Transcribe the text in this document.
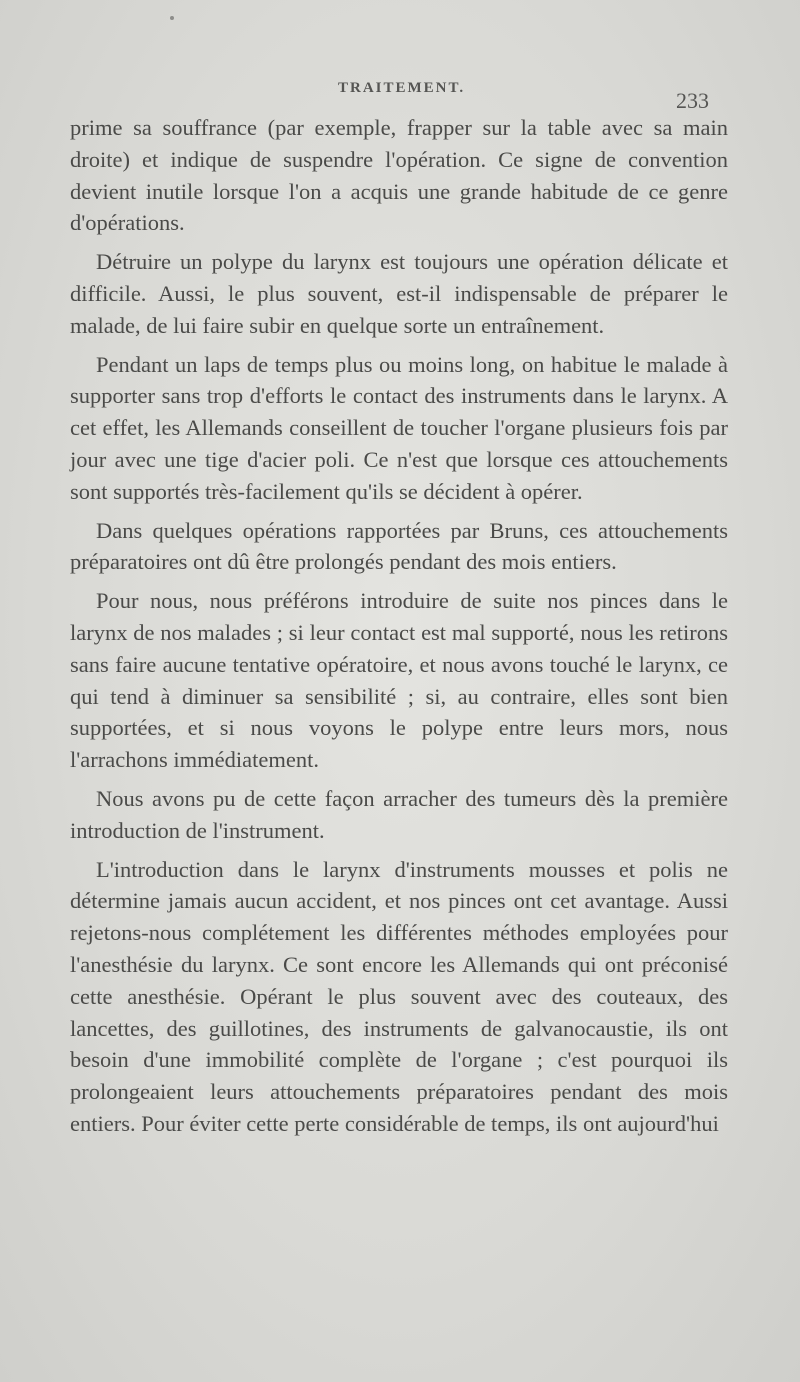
TRAITEMENT.	233

prime sa souffrance (par exemple, frapper sur la table avec sa main droite) et indique de suspendre l'opération. Ce signe de convention devient inutile lorsque l'on a acquis une grande habitude de ce genre d'opérations.

Détruire un polype du larynx est toujours une opération délicate et difficile. Aussi, le plus souvent, est-il indispensable de préparer le malade, de lui faire subir en quelque sorte un entraînement.

Pendant un laps de temps plus ou moins long, on habitue le malade à supporter sans trop d'efforts le contact des instruments dans le larynx. A cet effet, les Allemands conseillent de toucher l'organe plusieurs fois par jour avec une tige d'acier poli. Ce n'est que lorsque ces attouchements sont supportés très-facilement qu'ils se décident à opérer.

Dans quelques opérations rapportées par Bruns, ces attouchements préparatoires ont dû être prolongés pendant des mois entiers.

Pour nous, nous préférons introduire de suite nos pinces dans le larynx de nos malades ; si leur contact est mal supporté, nous les retirons sans faire aucune tentative opératoire, et nous avons touché le larynx, ce qui tend à diminuer sa sensibilité ; si, au contraire, elles sont bien supportées, et si nous voyons le polype entre leurs mors, nous l'arrachons immédiatement.

Nous avons pu de cette façon arracher des tumeurs dès la première introduction de l'instrument.

L'introduction dans le larynx d'instruments mousses et polis ne détermine jamais aucun accident, et nos pinces ont cet avantage. Aussi rejetons-nous complétement les différentes méthodes employées pour l'anesthésie du larynx. Ce sont encore les Allemands qui ont préconisé cette anesthésie. Opérant le plus souvent avec des couteaux, des lancettes, des guillotines, des instruments de galvanocaustie, ils ont besoin d'une immobilité complète de l'organe ; c'est pourquoi ils prolongeaient leurs attouchements préparatoires pendant des mois entiers. Pour éviter cette perte considérable de temps, ils ont aujourd'hui
